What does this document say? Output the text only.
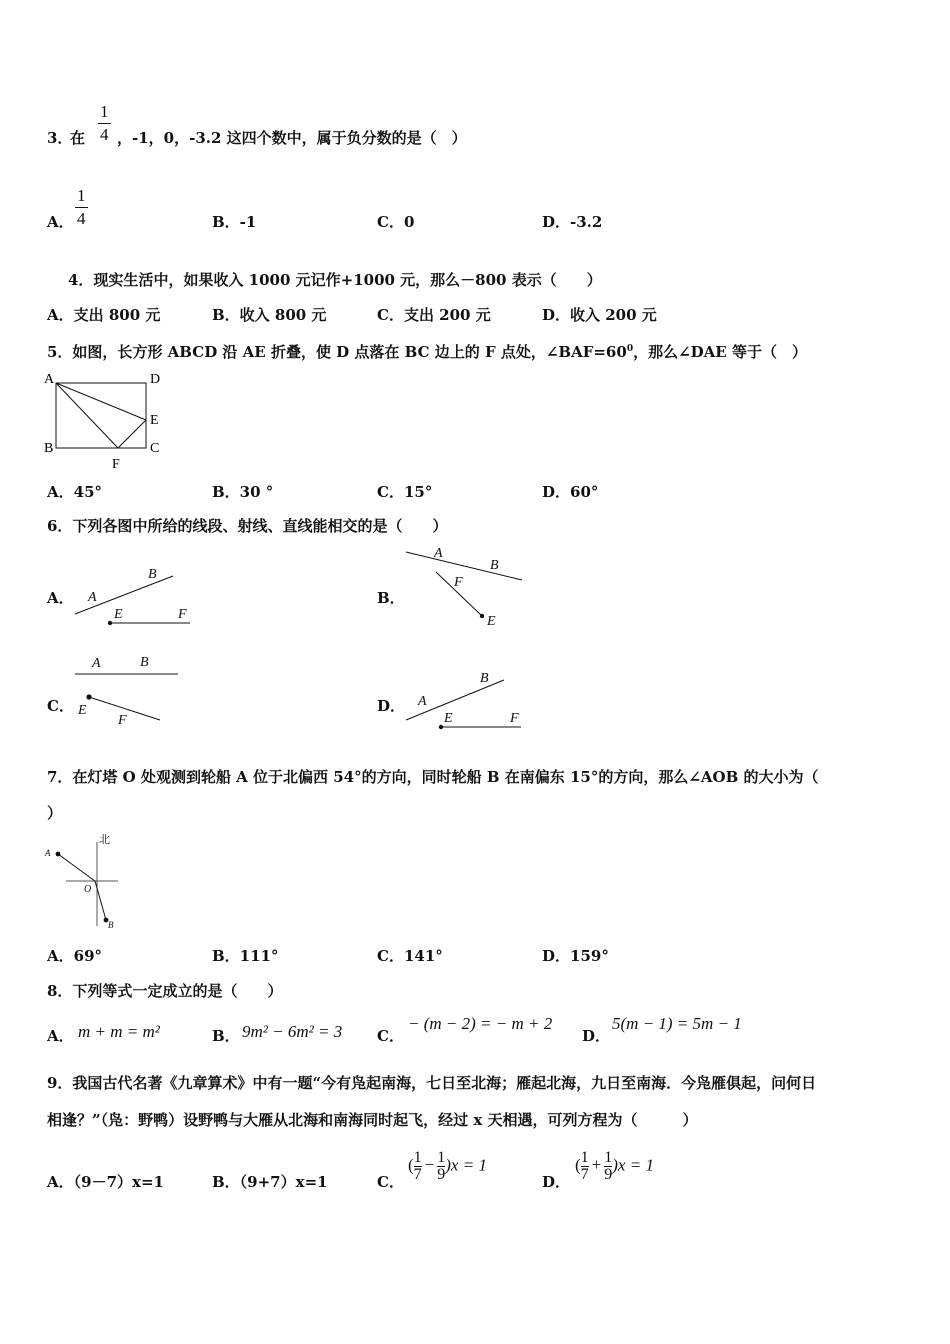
3．
在 $\frac{1}{4}$ ，-1，0，-3.2 这四个数中，属于负分数的是（　）
A． $\frac{1}{4}$	B．-1	C．0	D．-3.2
4．现实生活中，如果收入 1000 元记作+1000 元，那么－800 表示（　　）
A．支出 800 元	B．收入 800 元	C．支出 200 元	D．收入 200 元
5．如图，长方形 ABCD 沿 AE 折叠，使 D 点落在 BC 边上的 F 点处，$\angle BAF=60^0$，那么∠DAE 等于（　）
A	D
E
B	C
F
A．45°	B．30 °	C．15°	D．60°
6．下列各图中所给的线段、射线、直线能相交的是（　　）
A． A
B
E	F
B．
A
B
F
E
C．
A	B
E
F
D． A
B
E	F
7．在灯塔 O 处观测到轮船 A 位于北偏西 54°的方向，同时轮船 B 在南偏东 15°的方向，那么∠AOB 的大小为（
）
北
A
O
B
A．69°	B．111°	C．141°	D．159°
8．下列等式一定成立的是（　　）
A． m + m = m²	B． 9m² − 6m² = 3 C．
− (m − 2) = − m + 2
D．
5(m − 1) = 5m − 1
9．我国古代名著《九章算术》中有一题“今有凫起南海，七日至北海；雁起北海，九日至南海．今凫雁俱起，问何日
相逢？”（凫：野鸭）设野鸭与大雁从北海和南海同时起飞，经过 x 天相遇，可列方程为（　　　）
A．（9－7）x=1	B．（9+7）x=1	C．
( $\frac{1}{7} - \frac{1}{9} )x = 1$
D．
( $\frac{1}{7} + \frac{1}{9} )x = 1$
